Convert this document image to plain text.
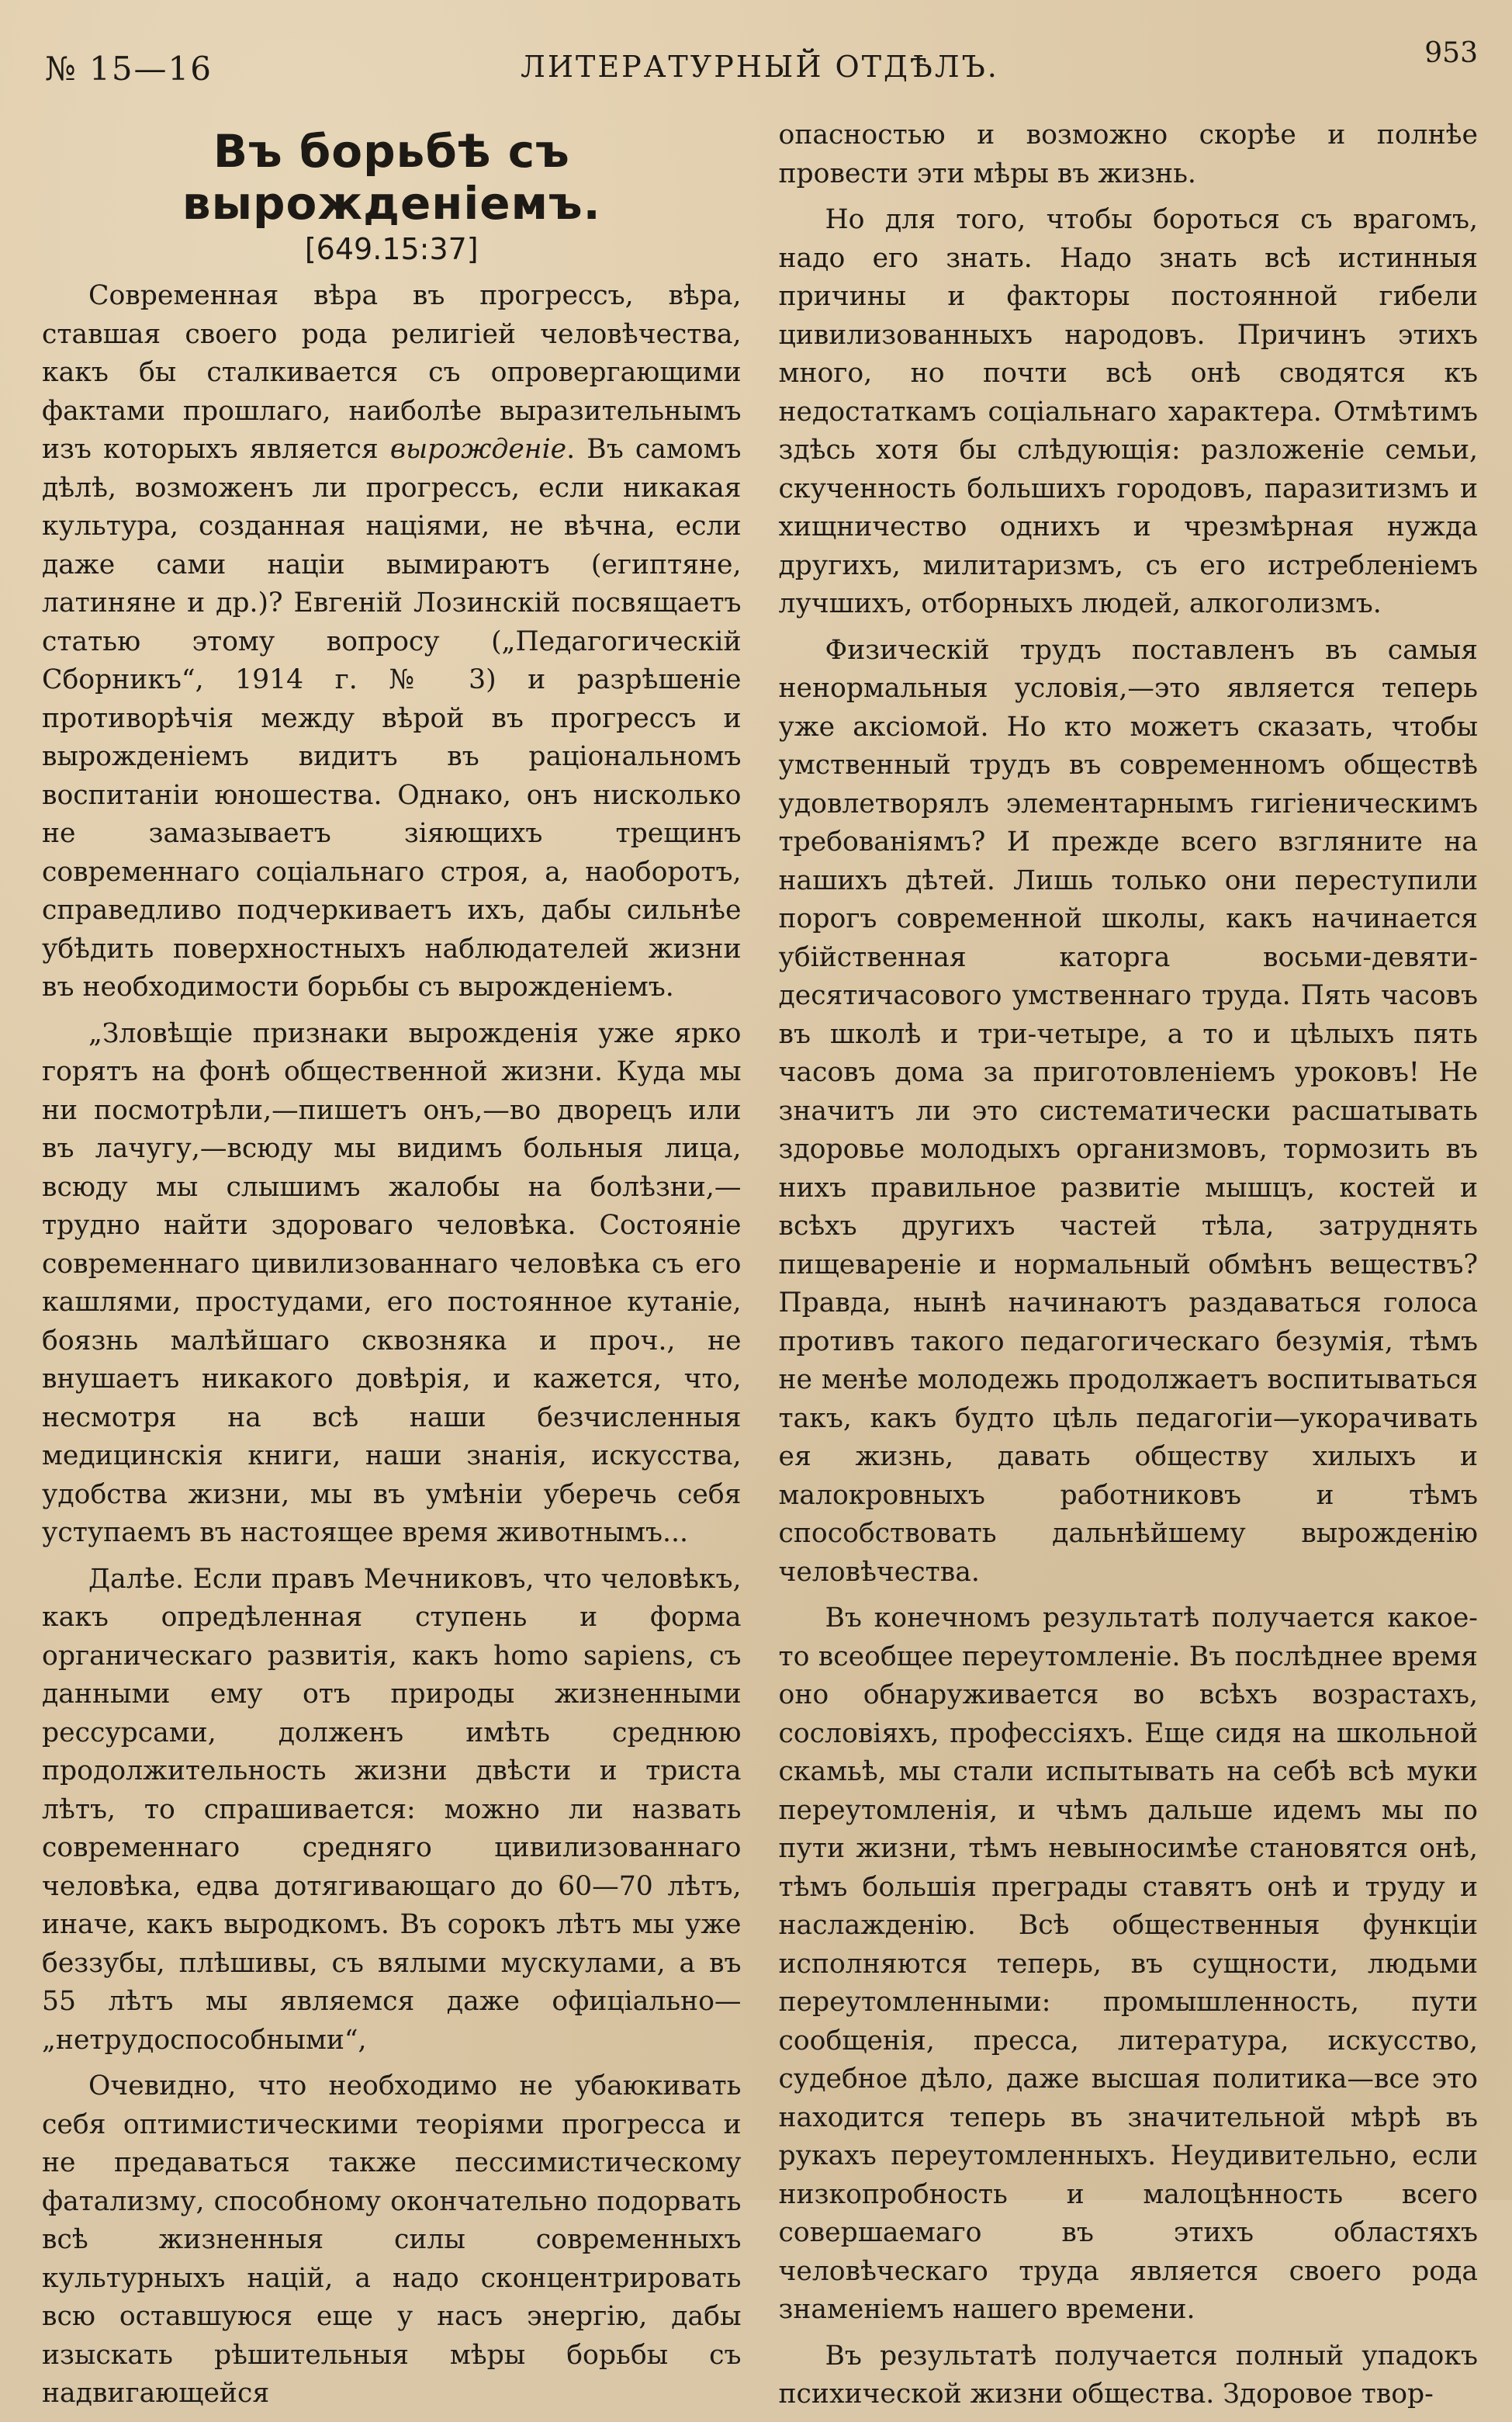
№ 15—16	ЛИТЕРАТУРНЫЙ ОТДѢЛЪ.	953
Въ борьбѣ съ вырожденіемъ.
[649.15:37]

Современная вѣра въ прогрессъ, вѣра, ставшая своего рода религіей человѣчества, какъ бы сталкивается съ опровергающими фактами прошлаго, наиболѣе выразительнымъ изъ которыхъ является вырожденіе. Въ самомъ дѣлѣ, возможенъ ли прогрессъ, если никакая культура, созданная націями, не вѣчна, если даже сами націи вымираютъ (египтяне, латиняне и др.)? Евгеній Лозинскій посвящаетъ статью этому вопросу („Педагогическій Сборникъ“, 1914 г. № 3) и разрѣшеніе противорѣчія между вѣрой въ прогрессъ и вырожденіемъ видитъ въ раціональномъ воспитаніи юношества. Однако, онъ нисколько не замазываетъ зіяющихъ трещинъ современнаго соціальнаго строя, а, наоборотъ, справедливо подчеркиваетъ ихъ, дабы сильнѣе убѣдить поверхностныхъ наблюдателей жизни въ необходимости борьбы съ вырожденіемъ.

„Зловѣщіе признаки вырожденія уже ярко горятъ на фонѣ общественной жизни. Куда мы ни посмотрѣли,—пишетъ онъ,—во дворецъ или въ лачугу,—всюду мы видимъ больныя лица, всюду мы слышимъ жалобы на болѣзни,—трудно найти здороваго человѣка. Состояніе современнаго цивилизованнаго человѣка съ его кашлями, простудами, его постоянное кутаніе, боязнь малѣйшаго сквозняка и проч., не внушаетъ никакого довѣрія, и кажется, что, несмотря на всѣ наши безчисленныя медицинскія книги, наши знанія, искусства, удобства жизни, мы въ умѣніи уберечь себя уступаемъ въ настоящее время животнымъ...

Далѣе. Если правъ Мечниковъ, что человѣкъ, какъ опредѣленная ступень и форма органическаго развитія, какъ homo sapiens, съ данными ему отъ природы жизненными рессурсами, долженъ имѣть среднюю продолжительность жизни двѣсти и триста лѣтъ, то спрашивается: можно ли назвать современнаго средняго цивилизованнаго человѣка, едва дотягивающаго до 60—70 лѣтъ, иначе, какъ выродкомъ. Въ сорокъ лѣтъ мы уже беззубы, плѣшивы, съ вялыми мускулами, а въ 55 лѣтъ мы являемся даже офиціально—„нетрудоспособными“,

Очевидно, что необходимо не убаюкивать себя оптимистическими теоріями прогресса и не предаваться также пессимистическому фатализму, способному окончательно подорвать всѣ жизненныя силы современныхъ культурныхъ націй, а надо сконцентрировать всю оставшуюся еще у насъ энергію, дабы изыскать рѣшительныя мѣры борьбы съ надвигающейся

опасностью и возможно скорѣе и полнѣе провести эти мѣры въ жизнь.

Но для того, чтобы бороться съ врагомъ, надо его знать. Надо знать всѣ истинныя причины и факторы постоянной гибели цивилизованныхъ народовъ. Причинъ этихъ много, но почти всѣ онѣ сводятся къ недостаткамъ соціальнаго характера. Отмѣтимъ здѣсь хотя бы слѣдующія: разложеніе семьи, скученность большихъ городовъ, паразитизмъ и хищничество однихъ и чрезмѣрная нужда другихъ, милитаризмъ, съ его истребленіемъ лучшихъ, отборныхъ людей, алкоголизмъ.

Физическій трудъ поставленъ въ самыя ненормальныя условія,—это является теперь уже аксіомой. Но кто можетъ сказать, чтобы умственный трудъ въ современномъ обществѣ удовлетворялъ элементарнымъ гигіеническимъ требованіямъ? И прежде всего взгляните на нашихъ дѣтей. Лишь только они переступили порогъ современной школы, какъ начинается убійственная каторга восьми-девяти-десятичасового умственнаго труда. Пять часовъ въ школѣ и три-четыре, а то и цѣлыхъ пять часовъ дома за приготовленіемъ уроковъ! Не значитъ ли это систематически расшатывать здоровье молодыхъ организмовъ, тормозить въ нихъ правильное развитіе мышцъ, костей и всѣхъ другихъ частей тѣла, затруднять пищевареніе и нормальный обмѣнъ веществъ? Правда, нынѣ начинаютъ раздаваться голоса противъ такого педагогическаго безумія, тѣмъ не менѣе молодежь продолжаетъ воспитываться такъ, какъ будто цѣль педагогіи—укорачивать ея жизнь, давать обществу хилыхъ и малокровныхъ работниковъ и тѣмъ способствовать дальнѣйшему вырожденію человѣчества.

Въ конечномъ результатѣ получается какое-то всеобщее переутомленіе. Въ послѣднее время оно обнаруживается во всѣхъ возрастахъ, сословіяхъ, профессіяхъ. Еще сидя на школьной скамьѣ, мы стали испытывать на себѣ всѣ муки переутомленія, и чѣмъ дальше идемъ мы по пути жизни, тѣмъ невыносимѣе становятся онѣ, тѣмъ большія преграды ставятъ онѣ и труду и наслажденію. Всѣ общественныя функціи исполняются теперь, въ сущности, людьми переутомленными: промышленность, пути сообщенія, пресса, литература, искусство, судебное дѣло, даже высшая политика—все это находится теперь въ значительной мѣрѣ въ рукахъ переутомленныхъ. Неудивительно, если низкопробность и малоцѣнность всего совершаемаго въ этихъ областяхъ человѣческаго труда является своего рода знаменіемъ нашего времени.

Въ результатѣ получается полный упадокъ психической жизни общества. Здоровое твор-
